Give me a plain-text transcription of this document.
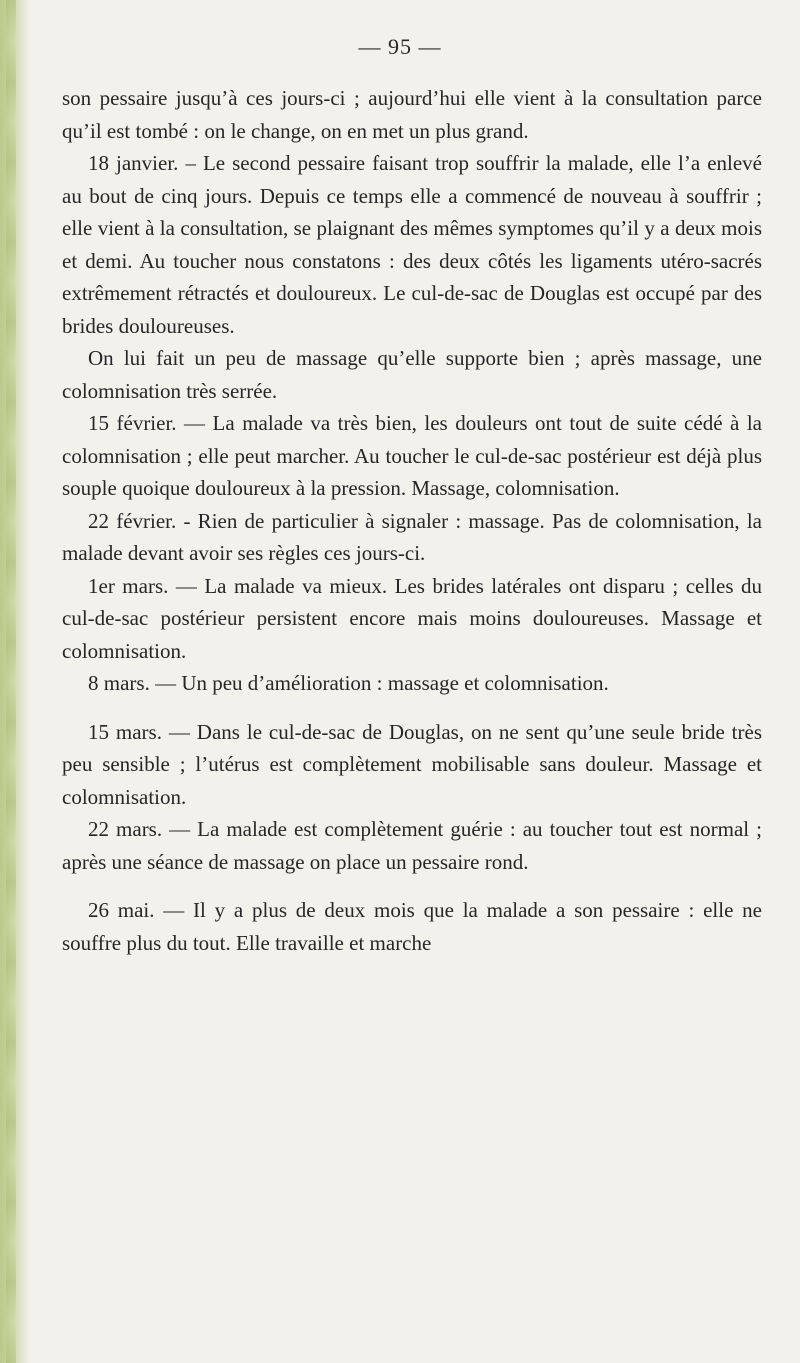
— 95 —

son pessaire jusqu’à ces jours-ci ; aujourd’hui elle vient à la consultation parce qu’il est tombé : on le change, on en met un plus grand.

18 janvier. – Le second pessaire faisant trop souffrir la malade, elle l’a enlevé au bout de cinq jours. Depuis ce temps elle a commencé de nouveau à souffrir ; elle vient à la consultation, se plaignant des mêmes symptomes qu’il y a deux mois et demi. Au toucher nous constatons : des deux côtés les ligaments utéro-sacrés extrêmement rétractés et douloureux. Le cul-de-sac de Douglas est occupé par des brides douloureuses.

On lui fait un peu de massage qu’elle supporte bien ; après massage, une colomnisation très serrée.

15 février. — La malade va très bien, les douleurs ont tout de suite cédé à la colomnisation ; elle peut marcher. Au toucher le cul-de-sac postérieur est déjà plus souple quoique douloureux à la pression. Massage, colomnisation.

22 février. - Rien de particulier à signaler : massage. Pas de colomnisation, la malade devant avoir ses règles ces jours-ci.

1er mars. — La malade va mieux. Les brides latérales ont disparu ; celles du cul-de-sac postérieur persistent encore mais moins douloureuses. Massage et colomnisation.

8 mars. — Un peu d’amélioration : massage et colomnisation.

15 mars. — Dans le cul-de-sac de Douglas, on ne sent qu’une seule bride très peu sensible ; l’utérus est complètement mobilisable sans douleur. Massage et colomnisation.

22 mars. — La malade est complètement guérie : au toucher tout est normal ; après une séance de massage on place un pessaire rond.

26 mai. — Il y a plus de deux mois que la malade a son pessaire : elle ne souffre plus du tout. Elle travaille et marche
